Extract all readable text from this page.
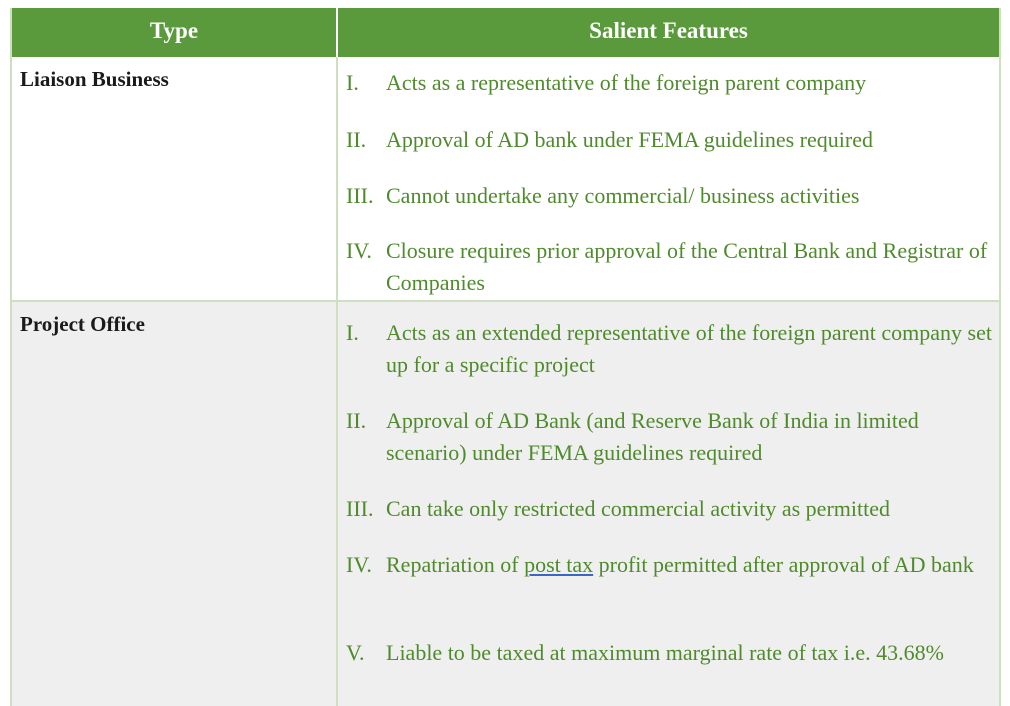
Type	Salient Features
Liaison Business	I.	Acts as a representative of the foreign parent company
II. Approval of AD bank under FEMA guidelines required
III. Cannot undertake any commercial/ business activities
IV. Closure requires prior approval of the Central Bank and Registrar of Companies
Project Office	I.	Acts as an extended representative of the foreign parent company set up for a specific project
II. Approval of AD Bank (and Reserve Bank of India in limited scenario) under FEMA guidelines required
III. Can take only restricted commercial activity as permitted
IV. Repatriation of post tax profit permitted after approval of AD bank
V. Liable to be taxed at maximum marginal rate of tax i.e. 43.68%
